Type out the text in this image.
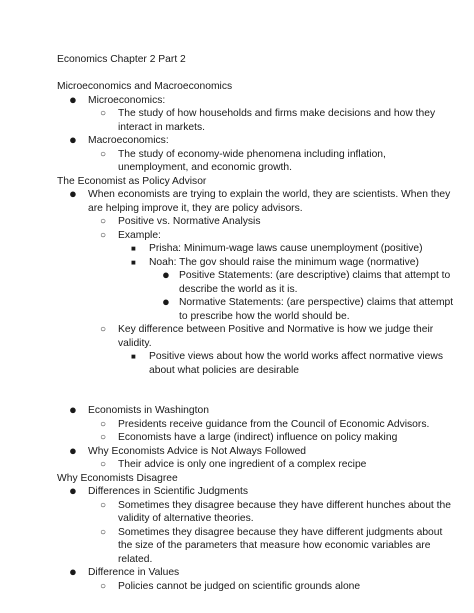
Economics Chapter 2 Part 2
Microeconomics and Macroeconomics
● Microeconomics:
○ The study of how households and firms make decisions and how they
interact in markets.
● Macroeconomics:
○ The study of economy-wide phenomena including inflation,
unemployment, and economic growth.
The Economist as Policy Advisor
● When economists are trying to explain the world, they are scientists. When they
are helping improve it, they are policy advisors.
○ Positive vs. Normative Analysis
○ Example:
■ Prisha: Minimum-wage laws cause unemployment (positive)
■ Noah: The gov should raise the minimum wage (normative)
● Positive Statements: (are descriptive) claims that attempt to
describe the world as it is.
● Normative Statements: (are perspective) claims that attempt
to prescribe how the world should be.
○ Key difference between Positive and Normative is how we judge their
validity.
■ Positive views about how the world works affect normative views
about what policies are desirable
● Economists in Washington
○ Presidents receive guidance from the Council of Economic Advisors.
○ Economists have a large (indirect) influence on policy making
● Why Economists Advice is Not Always Followed
○ Their advice is only one ingredient of a complex recipe
Why Economists Disagree
● Differences in Scientific Judgments
○ Sometimes they disagree because they have different hunches about the
validity of alternative theories.
○ Sometimes they disagree because they have different judgments about
the size of the parameters that measure how economic variables are
related.
● Difference in Values
○ Policies cannot be judged on scientific grounds alone
